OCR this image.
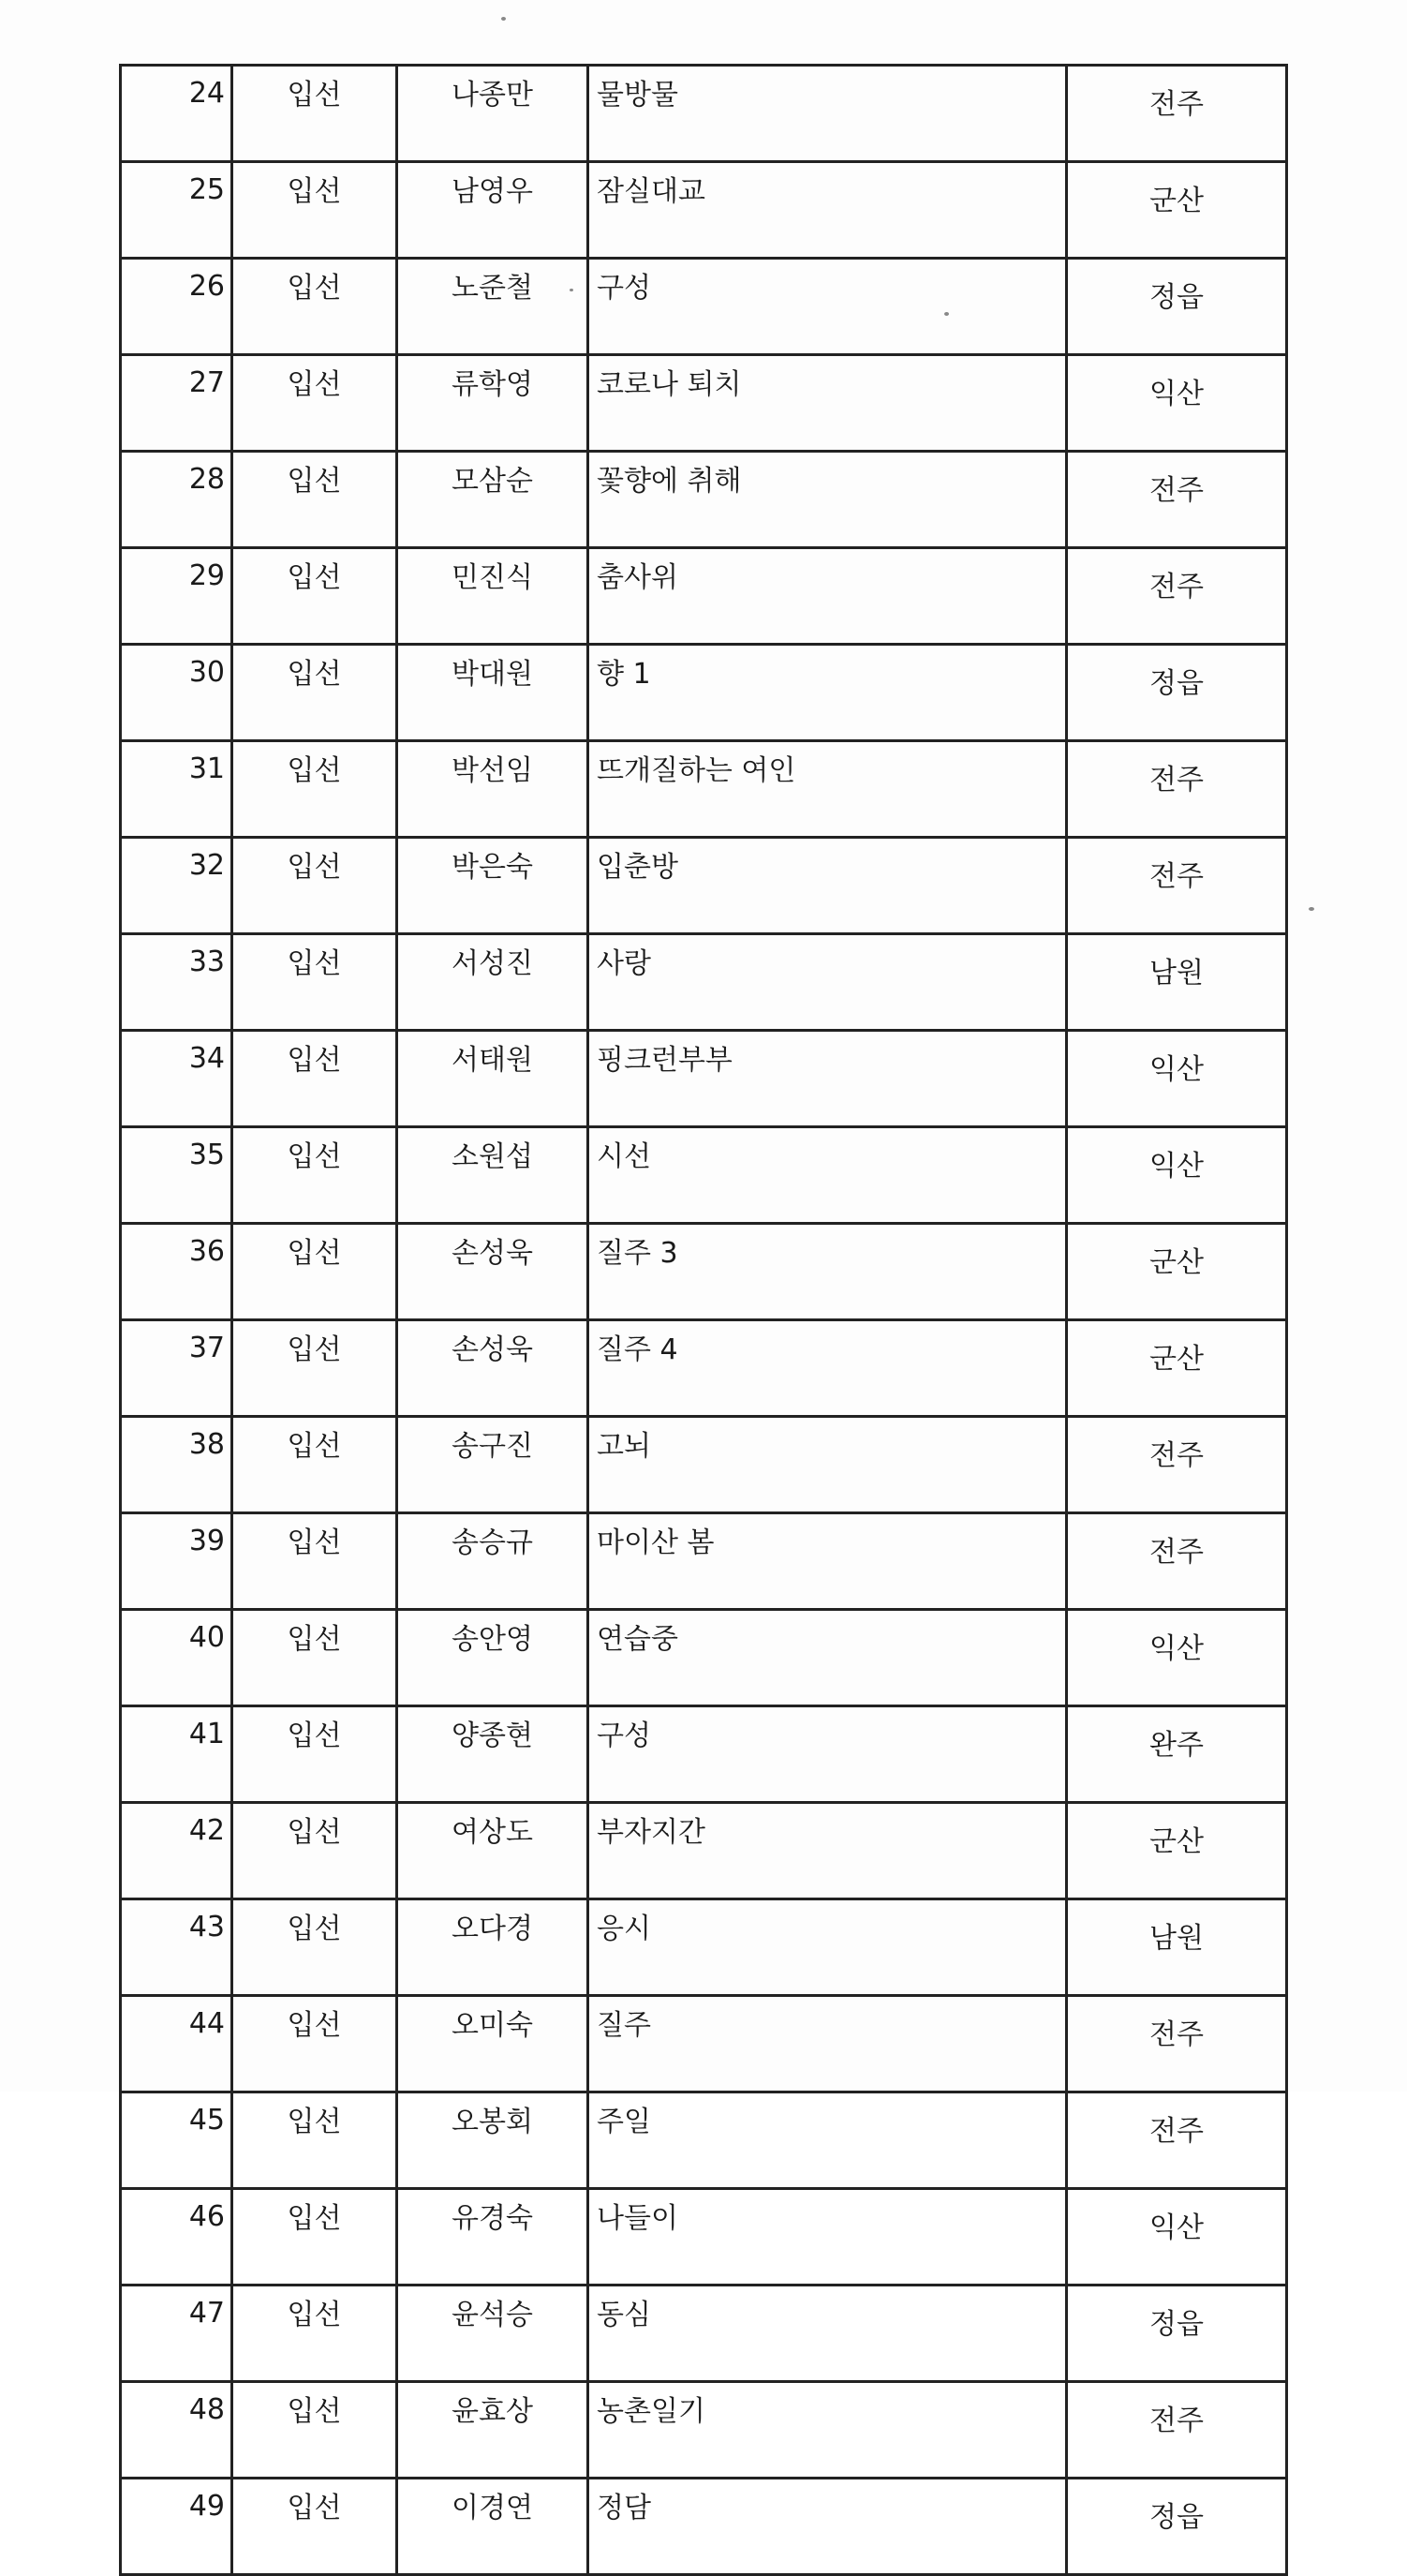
24	입선	나종만	물방물	전주
25	입선	남영우	잠실대교	군산
26	입선	노준철	구성	정읍
27	입선	류학영	코로나 퇴치	익산
28	입선	모삼순	꽃향에 취해	전주
29	입선	민진식	춤사위	전주
30	입선	박대원	향 1	정읍
31	입선	박선임	뜨개질하는 여인	전주
32	입선	박은숙	입춘방	전주
33	입선	서성진	사랑	남원
34	입선	서태원	핑크런부부	익산
35	입선	소원섭	시선	익산
36	입선	손성욱	질주 3	군산
37	입선	손성욱	질주 4	군산
38	입선	송구진	고뇌	전주
39	입선	송승규	마이산 봄	전주
40	입선	송안영	연습중	익산
41	입선	양종현	구성	완주
42	입선	여상도	부자지간	군산
43	입선	오다경	응시	남원
44	입선	오미숙	질주	전주
45	입선	오봉회	주일	전주
46	입선	유경숙	나들이	익산
47	입선	윤석승	동심	정읍
48	입선	윤효상	농촌일기	전주
49	입선	이경연	정담	정읍
